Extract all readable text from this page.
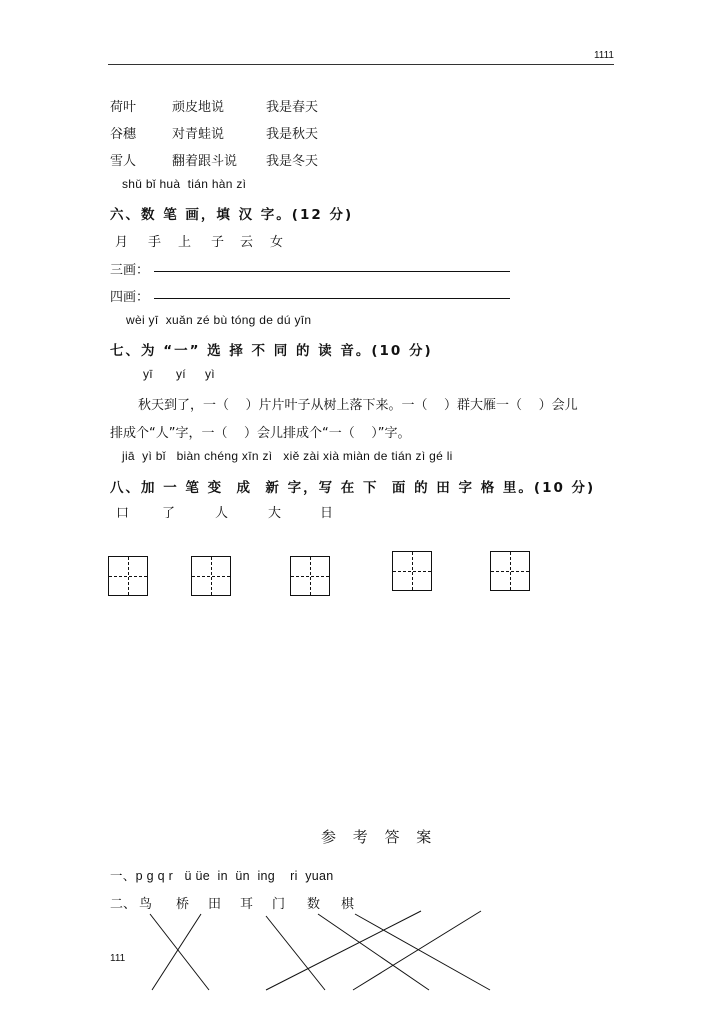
1111
荷叶	顽皮地说	我是春天
谷穗	对青蛙说	我是秋天
雪人	翻着跟斗说 我是冬天
shǔ bǐ huà  tián hàn zì
六、数 笔 画，填 汉 字。(12 分)
月 手 上 子 云 女
三画：
四画：
wèi yī  xuǎn zé bù tóng de dú yīn
七、为 “一” 选 择 不 同 的 读 音。(10 分)
yī yí yì
秋天到了，一（    ）片片叶子从树上落下来。一（    ）群大雁一（    ）会儿
排成个“人”字，一（    ）会儿排成个“一（    ）”字。
jiā  yì bǐ   biàn chéng xīn zì   xiě zài xià miàn de tián zì gé li
八、加 一 笔 变  成  新 字，写 在 下  面 的 田 字 格 里。(10 分)
口	了	人	大	日
参 考 答 案
一、p g q r   ü üe  in  ün  ing    ri  yuan
二、 鸟 桥 田 耳 门 数 棋
111
